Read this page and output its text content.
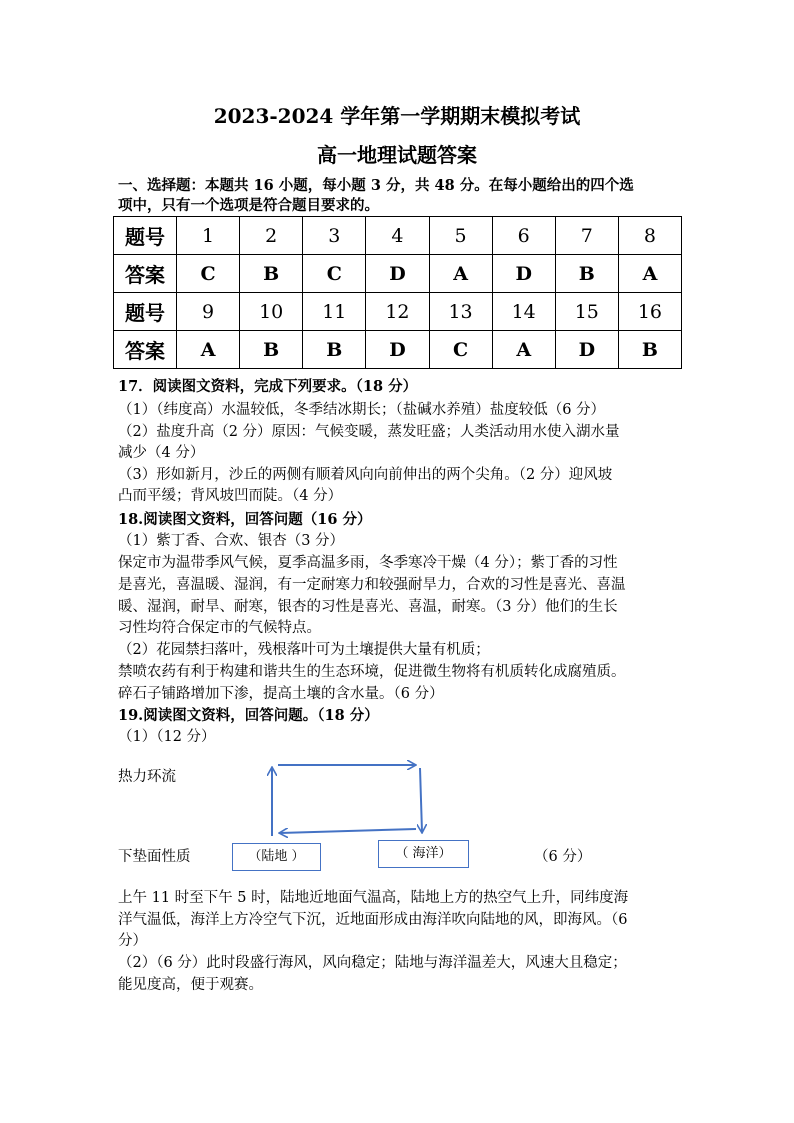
2023-2024 学年第一学期期末模拟考试
高一地理试题答案
一、选择题：本题共 16 小题，每小题 3 分，共 48 分。在每小题给出的四个选
项中，只有一个选项是符合题目要求的。
题号	1	2	3	4	5	6	7	8
答案	C	B	C	D	A	D	B	A
题号	9	10	11	12	13	14	15	16
答案	A	B	B	D	C	A	D	B
17．阅读图文资料，完成下列要求。（18 分）
（1）（纬度高）水温较低，冬季结冰期长；（盐碱水养殖）盐度较低（6 分）
（2）盐度升高（2 分）原因：气候变暖，蒸发旺盛；人类活动用水使入湖水量
减少（4 分）
（3）形如新月，沙丘的两侧有顺着风向向前伸出的两个尖角。（2 分）迎风坡
凸而平缓；背风坡凹而陡。（4 分）
18.阅读图文资料，回答问题（16 分）
（1）紫丁香、合欢、银杏（3 分）
保定市为温带季风气候，夏季高温多雨，冬季寒冷干燥（4 分）；紫丁香的习性
是喜光，喜温暖、湿润，有一定耐寒力和较强耐旱力，合欢的习性是喜光、喜温
暖、湿润，耐旱、耐寒，银杏的习性是喜光、喜温，耐寒。（3 分）他们的生长
习性均符合保定市的气候特点。
（2）花园禁扫落叶，残根落叶可为土壤提供大量有机质；
禁喷农药有利于构建和谐共生的生态环境，促进微生物将有机质转化成腐殖质。
碎石子铺路增加下渗，提高土壤的含水量。（6 分）
19.阅读图文资料，回答问题。（18 分）
（1）（12 分）
热力环流
下垫面性质	（陆地 ）	（ 海洋）	（6 分）
上午 11 时至下午 5 时，陆地近地面气温高，陆地上方的热空气上升，同纬度海
洋气温低，海洋上方冷空气下沉，近地面形成由海洋吹向陆地的风，即海风。（6
分）
（2）（6 分）此时段盛行海风，风向稳定；陆地与海洋温差大，风速大且稳定；
能见度高，便于观赛。
